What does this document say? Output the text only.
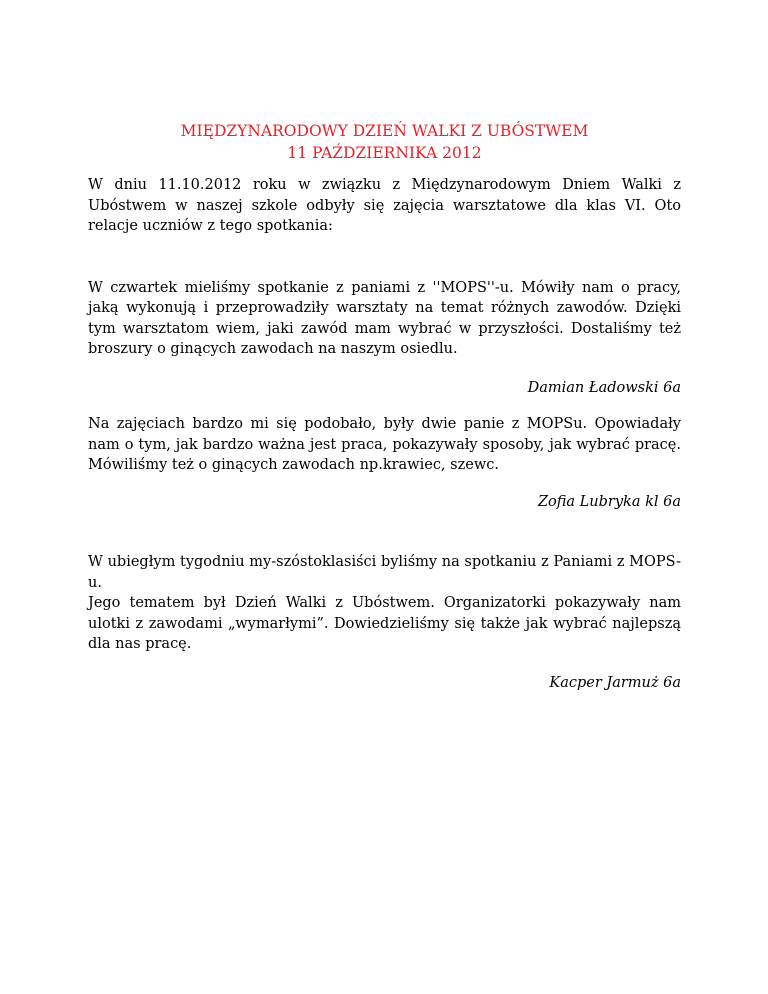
MIĘDZYNARODOWY DZIEŃ WALKI Z UBÓSTWEM
11 PAŹDZIERNIKA 2012

W dniu 11.10.2012 roku w związku z Międzynarodowym Dniem Walki z Ubóstwem w naszej szkole odbyły się zajęcia warsztatowe dla klas VI. Oto relacje uczniów z tego spotkania:

W czwartek mieliśmy spotkanie z paniami z ''MOPS''-u. Mówiły nam o pracy, jaką wykonują i przeprowadziły warsztaty na temat różnych zawodów. Dzięki tym warsztatom wiem, jaki zawód mam wybrać w przyszłości. Dostaliśmy też broszury o ginących zawodach na naszym osiedlu.

Damian Ładowski 6a

Na zajęciach bardzo mi się podobało, były dwie panie z MOPSu. Opowiadały nam o tym, jak bardzo ważna jest praca, pokazywały sposoby, jak wybrać pracę. Mówiliśmy też o ginących zawodach np.krawiec, szewc.

Zofia Lubryka kl 6a

W ubiegłym tygodniu my-szóstoklasiści byliśmy na spotkaniu z Paniami z MOPS-u.
Jego tematem był Dzień Walki z Ubóstwem. Organizatorki pokazywały nam ulotki z zawodami „wymarłymi”. Dowiedzieliśmy się także jak wybrać najlepszą dla nas pracę.

Kacper Jarmuż 6a
